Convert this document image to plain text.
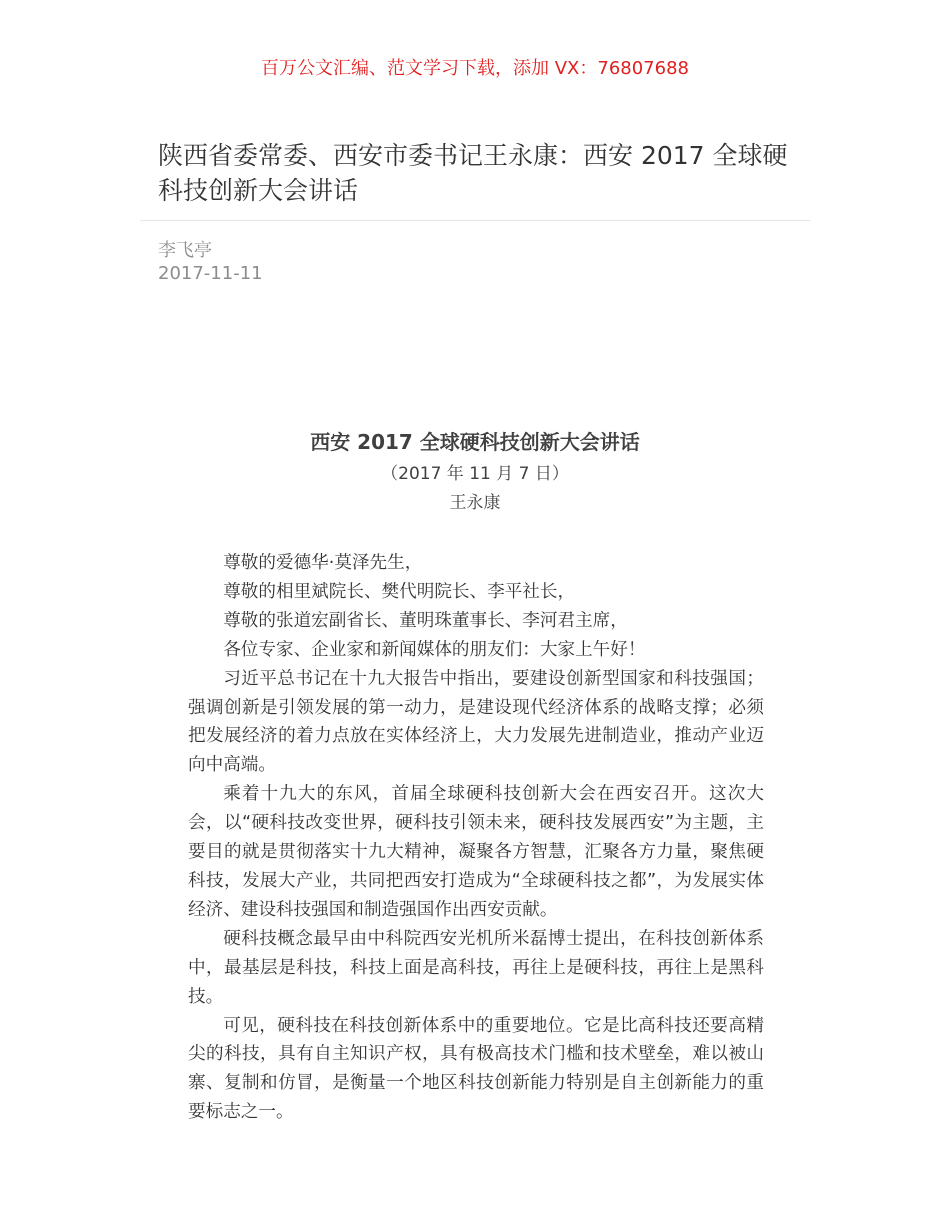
百万公文汇编、范文学习下载，添加 VX：76807688
陕西省委常委、西安市委书记王永康：西安 2017 全球硬科技创新大会讲话
李飞亭
2017-11-11
西安 2017 全球硬科技创新大会讲话
（2017 年 11 月 7 日）
王永康

尊敬的爱德华·莫泽先生，

尊敬的相里斌院长、樊代明院长、李平社长，

尊敬的张道宏副省长、董明珠董事长、李河君主席，

各位专家、企业家和新闻媒体的朋友们：大家上午好！

习近平总书记在十九大报告中指出，要建设创新型国家和科技强国；强调创新是引领发展的第一动力，是建设现代经济体系的战略支撑；必须把发展经济的着力点放在实体经济上，大力发展先进制造业，推动产业迈向中高端。

乘着十九大的东风，首届全球硬科技创新大会在西安召开。这次大会，以“硬科技改变世界，硬科技引领未来，硬科技发展西安”为主题，主要目的就是贯彻落实十九大精神，凝聚各方智慧，汇聚各方力量，聚焦硬科技，发展大产业，共同把西安打造成为“全球硬科技之都”，为发展实体经济、建设科技强国和制造强国作出西安贡献。

硬科技概念最早由中科院西安光机所米磊博士提出，在科技创新体系中，最基层是科技，科技上面是高科技，再往上是硬科技，再往上是黑科技。

可见，硬科技在科技创新体系中的重要地位。它是比高科技还要高精尖的科技，具有自主知识产权，具有极高技术门槛和技术壁垒，难以被山寨、复制和仿冒，是衡量一个地区科技创新能力特别是自主创新能力的重要标志之一。
